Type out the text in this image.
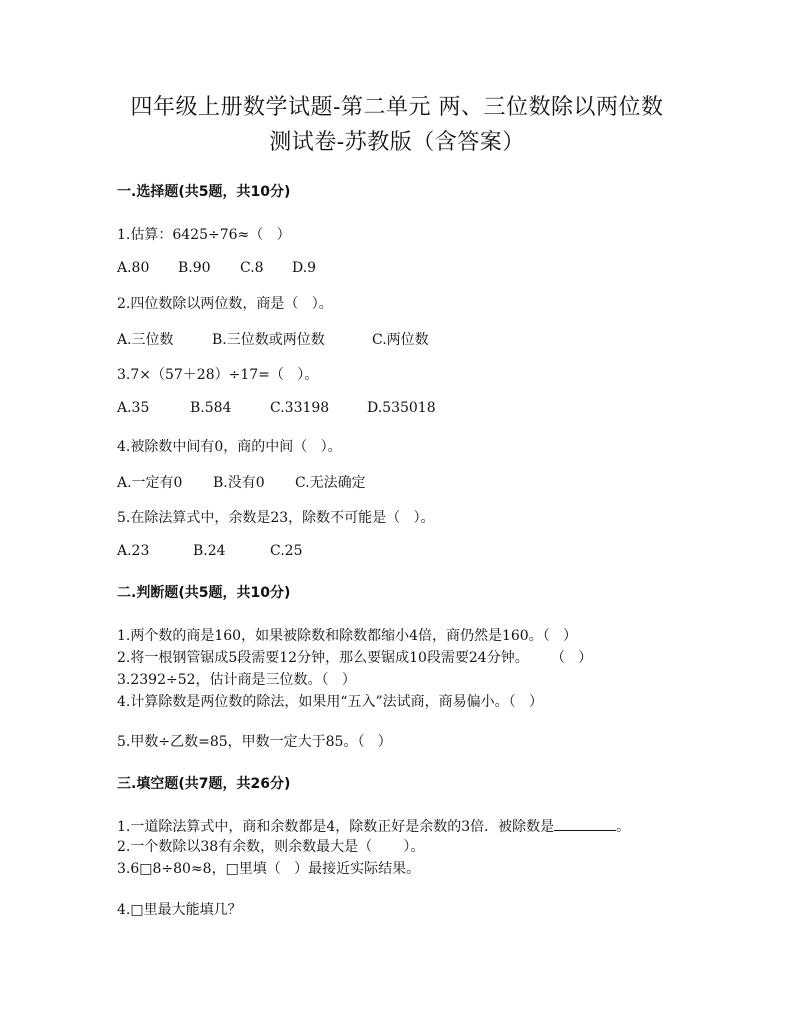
四年级上册数学试题-第二单元 两、三位数除以两位数
测试卷-苏教版（含答案）
一.选择题(共5题，共10分)
1.估算：6425÷76≈（   ）
A.80 B.90 C.8 D.9
2.四位数除以两位数，商是（   ）。
A.三位数	B.三位数或两位数	C.两位数
3.7×（57＋28）÷17=（   ）。
A.35	B.584	C.33198	D.535018
4.被除数中间有0，商的中间（   ）。
A.一定有0 B.没有0 C.无法确定
5.在除法算式中，余数是23，除数不可能是（   ）。
A.23	B.24	C.25
二.判断题(共5题，共10分)
1.两个数的商是160，如果被除数和除数都缩小4倍，商仍然是160。（   ）
2.将一根钢管锯成5段需要12分钟，那么要锯成10段需要24分钟。     （   ）
3.2392÷52，估计商是三位数。（   ）
4.计算除数是两位数的除法，如果用“五入”法试商，商易偏小。（   ）
5.甲数÷乙数=85，甲数一定大于85。（   ）
三.填空题(共7题，共26分)
1.一道除法算式中，商和余数都是4，除数正好是余数的3倍．被除数是	。
2.一个数除以38有余数，则余数最大是（       ）。
3.6□8÷80≈8，□里填（   ）最接近实际结果。
4.□里最大能填几？
